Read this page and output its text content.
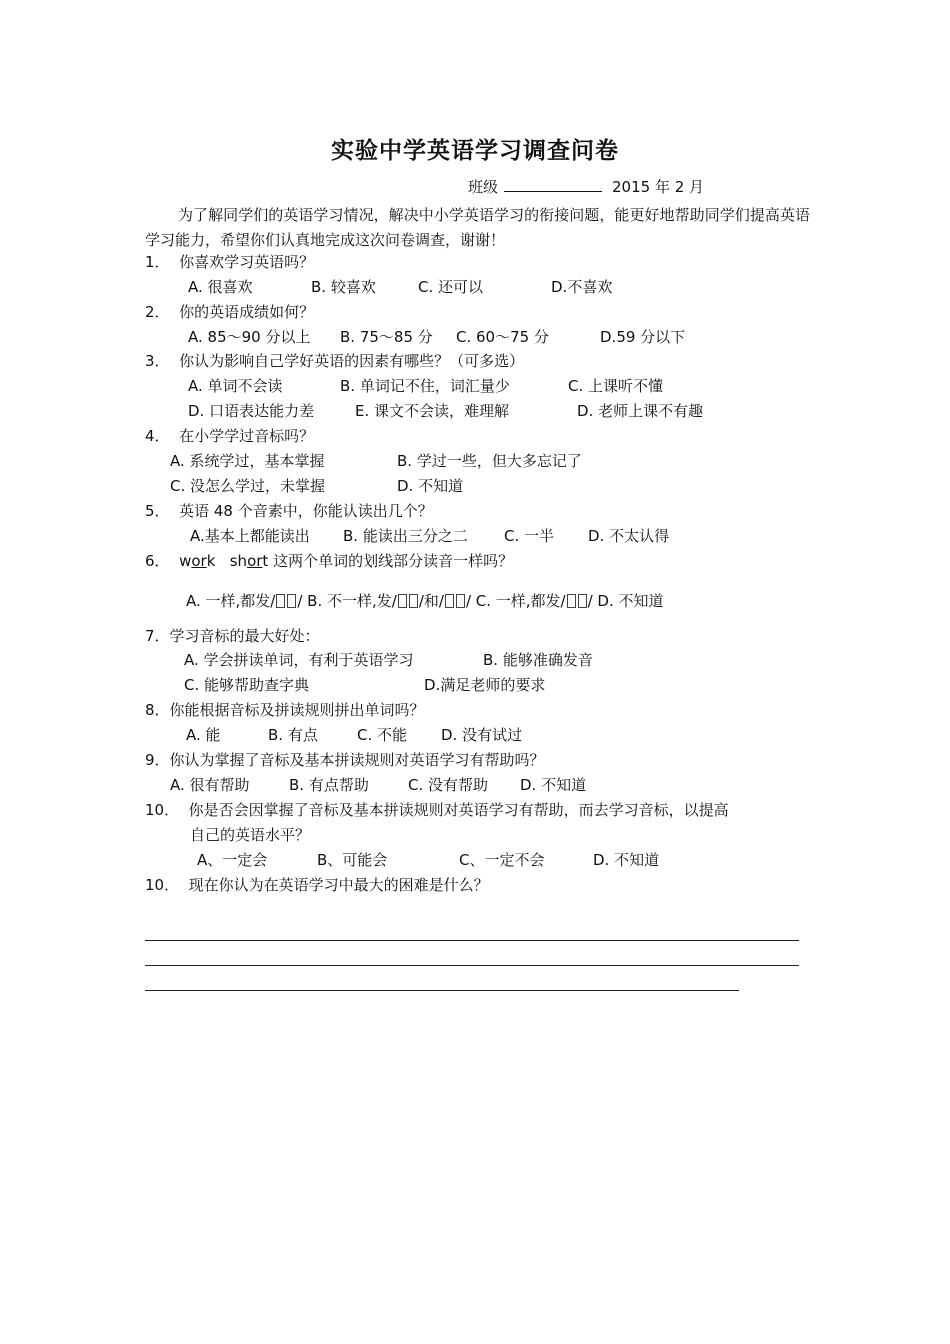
实验中学英语学习调查问卷
班级	2015 年 2 月
为了解同学们的英语学习情况，解决中小学英语学习的衔接问题，能更好地帮助同学们提高英语学习能力，希望你们认真地完成这次问卷调查，谢谢！
1． 你喜欢学习英语吗？
A. 很喜欢	B. 较喜欢	C. 还可以	D.不喜欢
2． 你的英语成绩如何？
A. 85～90 分以上 B. 75～85 分 C. 60～75 分	D.59 分以下
3． 你认为影响自己学好英语的因素有哪些？（可多选）
A. 单词不会读	B. 单词记不住，词汇量少	C. 上课听不懂
D. 口语表达能力差	E. 课文不会读，难理解	D. 老师上课不有趣
4． 在小学学过音标吗？
A. 系统学过，基本掌握	B. 学过一些，但大多忘记了
C. 没怎么学过，未掌握	D. 不知道
5． 英语 48 个音素中，你能认读出几个？
A.基本上都能读出 B. 能读出三分之二 C. 一半 D. 不太认得
6． work short 这两个单词的划线部分读音一样吗？
A. 一样,都发/ / B. 不一样,发/ /和/ / C. 一样,都发/ / D. 不知道
7．学习音标的最大好处：
A. 学会拼读单词，有利于英语学习	B. 能够准确发音
C. 能够帮助查字典	D.满足老师的要求
8．你能根据音标及拼读规则拼出单词吗？
A. 能	B. 有点	C. 不能 D. 没有试过
9．你认为掌握了音标及基本拼读规则对英语学习有帮助吗？
A. 很有帮助	B. 有点帮助	C. 没有帮助 D. 不知道
10． 你是否会因掌握了音标及基本拼读规则对英语学习有帮助，而去学习音标，以提高
自己的英语水平？
A、一定会	B、可能会	C、一定不会	D. 不知道
10． 现在你认为在英语学习中最大的困难是什么？
